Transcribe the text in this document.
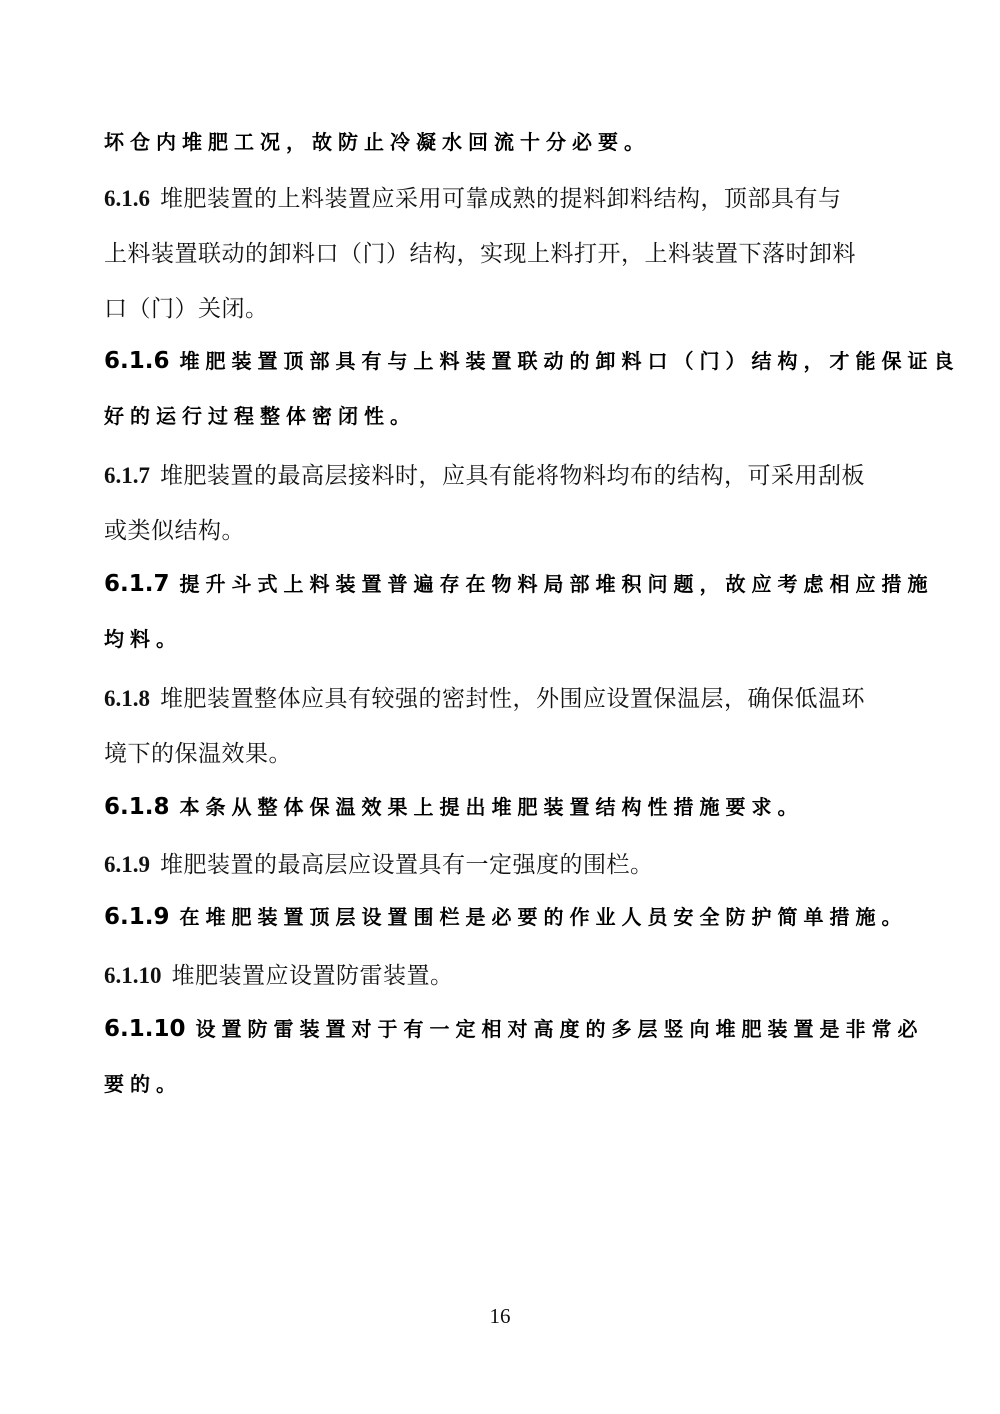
坏仓内堆肥工况，故防止冷凝水回流十分必要。
6.1.6 堆肥装置的上料装置应采用可靠成熟的提料卸料结构，顶部具有与
上料装置联动的卸料口（门）结构，实现上料打开，上料装置下落时卸料
口（门）关闭。
6.1.6 堆肥装置顶部具有与上料装置联动的卸料口（门）结构，才能保证良
好的运行过程整体密闭性。
6.1.7 堆肥装置的最高层接料时，应具有能将物料均布的结构，可采用刮板
或类似结构。
6.1.7 提升斗式上料装置普遍存在物料局部堆积问题，故应考虑相应措施
均料。
6.1.8 堆肥装置整体应具有较强的密封性，外围应设置保温层，确保低温环
境下的保温效果。
6.1.8 本条从整体保温效果上提出堆肥装置结构性措施要求。
6.1.9 堆肥装置的最高层应设置具有一定强度的围栏。
6.1.9 在堆肥装置顶层设置围栏是必要的作业人员安全防护简单措施。
6.1.10 堆肥装置应设置防雷装置。
6.1.10 设置防雷装置对于有一定相对高度的多层竖向堆肥装置是非常必
要的。
16
